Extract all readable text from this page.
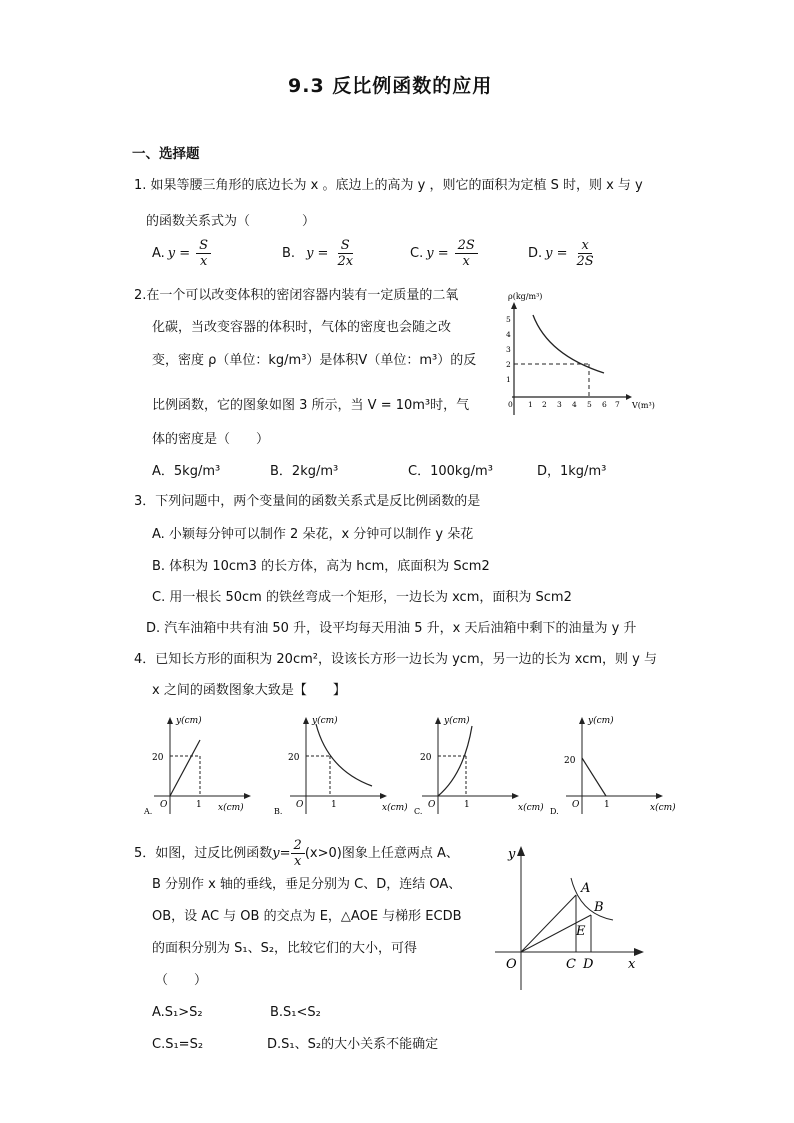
9.3 反比例函数的应用
一、选择题
1. 如果等腰三角形的底边长为 x 。底边上的高为 y ，则它的面积为定植 S 时，则 x 与 y
的函数关系式为（　　　　）
A. $y = \frac{S}{x}$	B. $y = \frac{S}{2x}$	C. $y = \frac{2S}{x}$	D. $y = \frac{x}{2S}$
2.在一个可以改变体积的密闭容器内装有一定质量的二氧
化碳，当改变容器的体积时，气体的密度也会随之改
变，密度 ρ（单位：kg/m³）是体积V（单位：m³）的反
比例函数，它的图象如图 3 所示，当 V = 10m³时，气
体的密度是（　　）
A．5kg/m³	B．2kg/m³	C．100kg/m³	D，1kg/m³
ρ(kg/m³)
V(m³)
5
4
3
2
1
0 1 2 3 4 5 6 7
3．下列问题中，两个变量间的函数关系式是反比例函数的是
A. 小颖每分钟可以制作 2 朵花，x 分钟可以制作 y 朵花
B. 体积为 10cm3 的长方体，高为 hcm，底面积为 Scm2
C. 用一根长 50cm 的铁丝弯成一个矩形，一边长为 xcm，面积为 Scm2
D. 汽车油箱中共有油 50 升，设平均每天用油 5 升，x 天后油箱中剩下的油量为 y 升
4．已知长方形的面积为 20cm²，设该长方形一边长为 ycm，另一边的长为 xcm，则 y 与
x 之间的函数图象大致是【　　】
y(cm)
20
O	1 x(cm)
A.
y(cm)
20
O	1	x(cm)
B.
y(cm)
20
O	1	x(cm)
C.
y(cm)
20
O	1	x(cm)
D.
5．如图，过反比例函数 $y= \frac{2}{x} (x>0)$图象上任意两点 A、
B 分别作 x 轴的垂线，垂足分别为 C、D，连结 OA、
OB，设 AC 与 OB 的交点为 E，△AOE 与梯形 ECDB
的面积分别为 S₁、S₂，比较它们的大小，可得
（　　）
A.S₁>S₂	B.S₁<S₂
C.S₁=S₂	D.S₁、S₂的大小关系不能确定
y
A
B
E
O	C D	x
